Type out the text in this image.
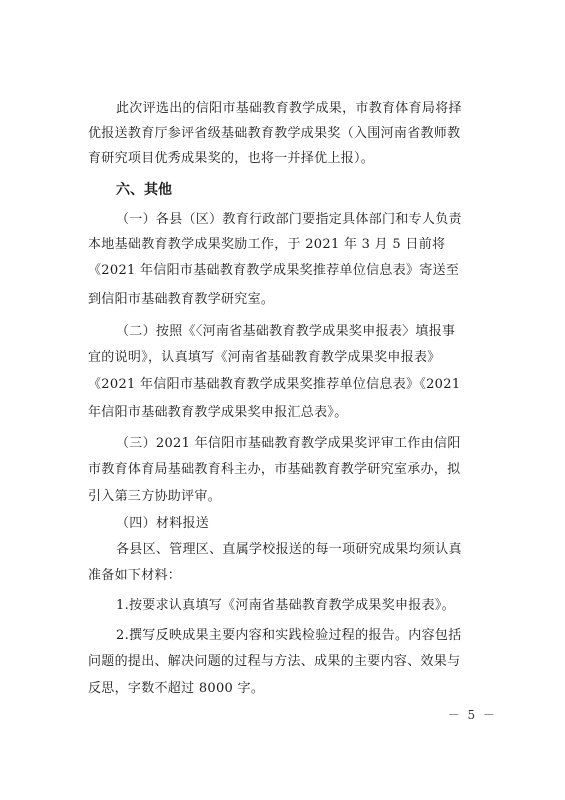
此次评选出的信阳市基础教育教学成果，市教育体育局将择
优报送教育厅参评省级基础教育教学成果奖（入围河南省教师教
育研究项目优秀成果奖的，也将一并择优上报）。
六、其他
（一）各县（区）教育行政部门要指定具体部门和专人负责
本地基础教育教学成果奖励工作，于 2021 年 3 月 5 日前将
《2021 年信阳市基础教育教学成果奖推荐单位信息表》寄送至
到信阳市基础教育教学研究室。
（二）按照《〈河南省基础教育教学成果奖申报表〉填报事
宜的说明》，认真填写《河南省基础教育教学成果奖申报表》
《2021 年信阳市基础教育教学成果奖推荐单位信息表》《2021
年信阳市基础教育教学成果奖申报汇总表》。
（三）2021 年信阳市基础教育教学成果奖评审工作由信阳
市教育体育局基础教育科主办，市基础教育教学研究室承办，拟
引入第三方协助评审。
（四）材料报送
各县区、管理区、直属学校报送的每一项研究成果均须认真
准备如下材料：
1.按要求认真填写《河南省基础教育教学成果奖申报表》。
2.撰写反映成果主要内容和实践检验过程的报告。内容包括
问题的提出、解决问题的过程与方法、成果的主要内容、效果与
反思，字数不超过 8000 字。
－ 5 －
